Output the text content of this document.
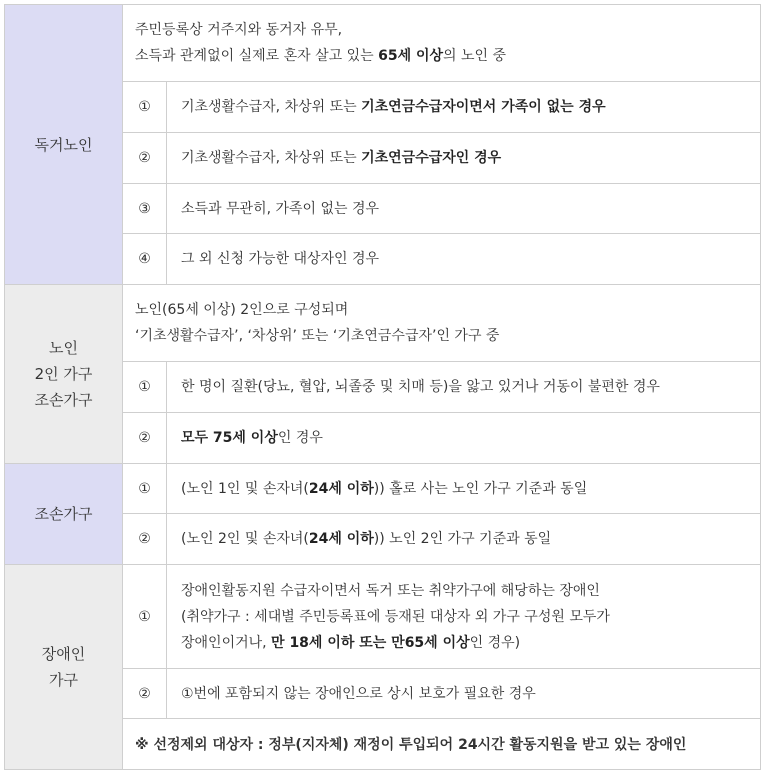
독거노인	주민등록상 거주지와 동거자 유무,
소득과 관계없이 실제로 혼자 살고 있는 65세 이상의 노인 중	

	①	기초생활수급자, 차상위 또는 기초연금수급자이면서 가족이 없는 경우
	②	기초생활수급자, 차상위 또는 기초연금수급자인 경우
	③	소득과 무관히, 가족이 없는 경우
	④	그 외 신청 가능한 대상자인 경우

노인
2인 가구
조손가구	노인(65세 이상) 2인으로 구성되며
‘기초생활수급자’, ‘차상위’ 또는 ‘기초연금수급자’인 가구 중	

	①	한 명이 질환(당뇨, 혈압, 뇌졸중 및 치매 등)을 앓고 있거나 거동이 불편한 경우
	②	모두 75세 이상인 경우
조손가구	①	(노인 1인 및 손자녀(24세 이하)) 홀로 사는 노인 가구 기준과 동일
	②	(노인 2인 및 손자녀(24세 이하)) 노인 2인 가구 기준과 동일

장애인
가구	①	장애인활동지원 수급자이면서 독거 또는 취약가구에 해당하는 장애인
(취약가구 : 세대별 주민등록표에 등재된 대상자 외 가구 구성원 모두가
장애인이거나, 만 18세 이하 또는 만65세 이상인 경우)

	②	①번에 포함되지 않는 장애인으로 상시 보호가 필요한 경우
	※ 선정제외 대상자 : 정부(지자체) 재정이 투입되어 24시간 활동지원을 받고 있는 장애인	
